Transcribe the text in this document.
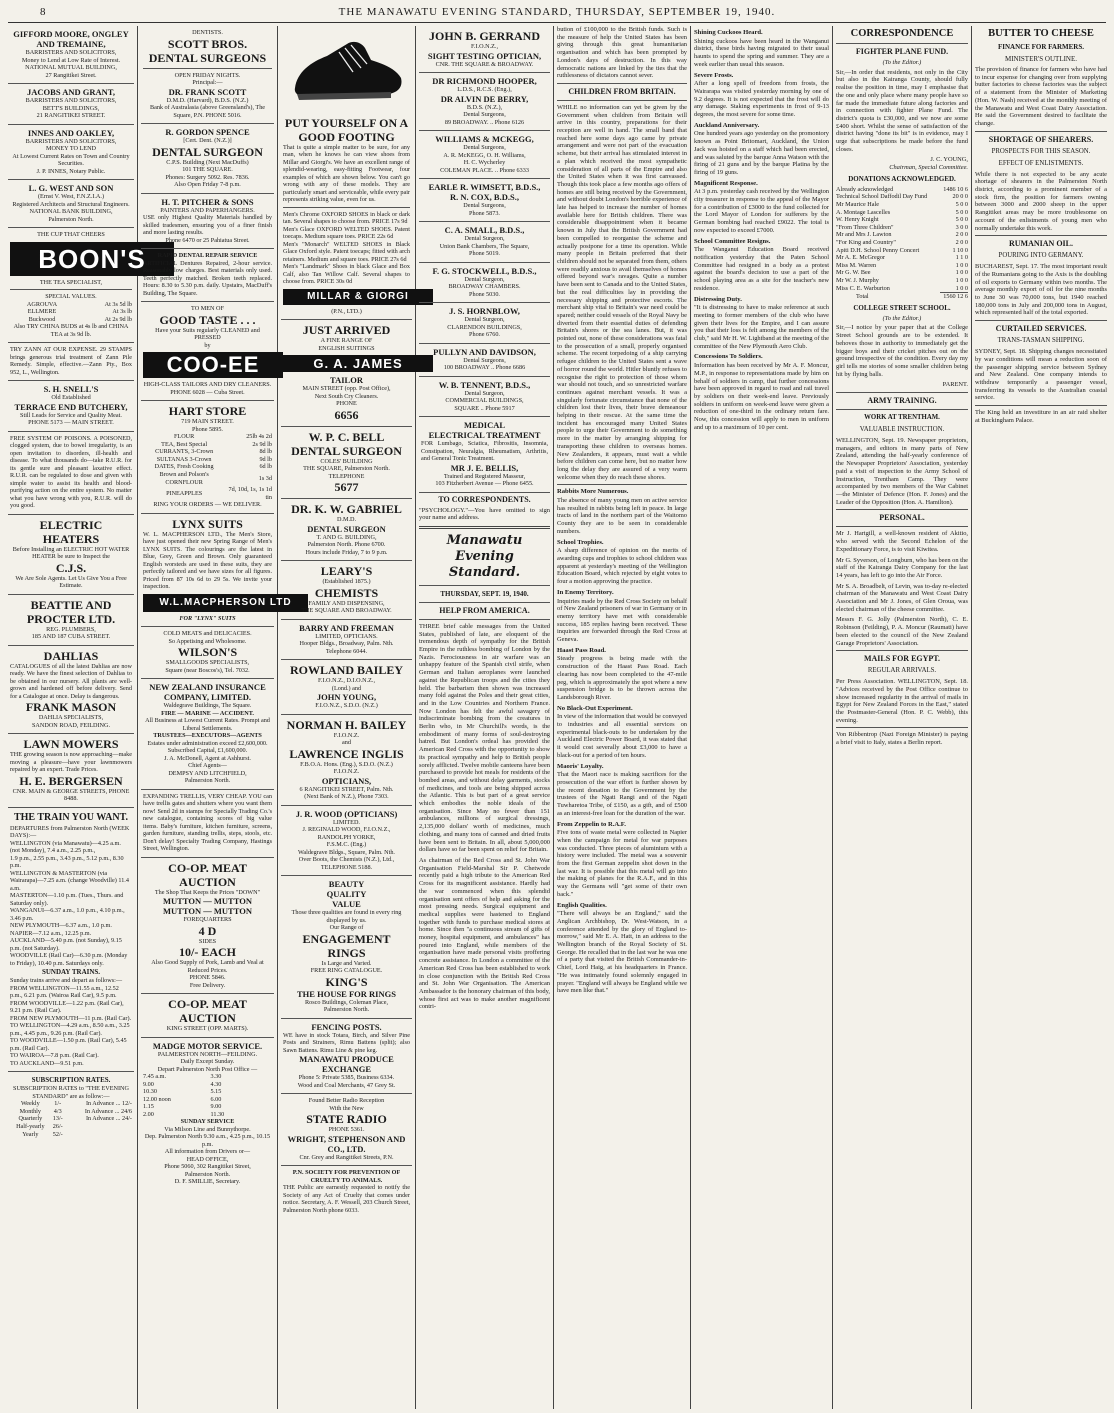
8	THE MANAWATU EVENING STANDARD, THURSDAY, SEPTEMBER 19, 1940.
GIFFORD MOORE, ONGLEY AND TREMAINE,
BARRISTERS AND SOLICITORS,
Money to Lend at Low Rate of Interest.
NATIONAL MUTUAL BUILDING,
27 Rangitikei Street.
JACOBS AND GRANT,
BARRISTERS AND SOLICITORS,
BETT'S BUILDINGS,
21 RANGITIKEI STREET.
INNES AND OAKLEY,
BARRISTERS AND SOLICITORS,
MONEY TO LEND
At Lowest Current Rates on Town and Country Securities.
J. P. INNES, Notary Public.
L. G. WEST AND SON
(Ernst V. West, F.N.Z.I.A.)
Registered Architects and Structural Engineers.
NATIONAL BANK BUILDING,
Palmerston North.
THE CUP THAT CHEERS
BOON'S
THE TEA SPECIALIST,
SPECIAL VALUES.
AGROUVA	At 3s 5d lb
ELLMERE	At 3s lb
Buckwood	At 2s 9d lb
Also TRY CHINA BUDS at 4s lb and CHINA TEA at 3s 9d lb.
TRY ZANN AT OUR EXPENSE. 29 STAMPS brings generous trial treatment of Zann Pile Remedy. Simple, effective.—Zann Pty., Box 952, L., Wellington.
S. H. SNELL'S
Old Established
TERRACE END BUTCHERY,
Still Leads for Service and Quality Meat.
PHONE 5173 — MAIN STREET.
FREE SYSTEM OF POISONS. A POISONED, clogged system, due to bowel irregularity, is an open invitation to disorders, ill-health and disease. To what thousands do—take R.U.R. for its gentle sure and pleasant laxative effect. R.U.R. can be regulated to dose and given with simple water to assist its health and blood-purifying action on the entire system. No matter what you have wrong with you, R.U.R. will do you good.
ELECTRIC HEATERS
Before Installing an ELECTRIC HOT WATER HEATER be sure to Inspect the
C.J.S.
We Are Sole Agents. Let Us Give You a Free Estimate.
BEATTIE AND PROCTER LTD.
REG. PLUMBERS,
185 AND 187 CUBA STREET.
DAHLIAS
CATALOGUES of all the latest Dahlias are now ready. We have the finest selection of Dahlias to be obtained in our nursery. All plants are well-grown and hardened off before delivery. Send for a Catalogue at once. Delay is dangerous.
FRANK MASON
DAHLIA SPECIALISTS,
SANDON ROAD, FEILDING.
LAWN MOWERS
THE growing season is now approaching—make moving a pleasure—have your lawnmowers repaired by an expert. Trade Prices.
H. E. BERGERSEN
CNR. MAIN & GEORGE STREETS, PHONE 8488.
THE TRAIN YOU WANT.
DEPARTURES from Palmerston North (WEEK DAYS):—
WELLINGTON (via Manawatu)—4.25 a.m. (not Monday), 7.4 a.m., 2.25 p.m.,
1.9 p.m., 2.55 p.m., 3.43 p.m., 5.12 p.m., 8.30 p.m.
WELLINGTON & MASTERTON (via Wairarapa)—7.25 a.m. (change Woodville) 11.4 a.m.
MASTERTON—1.10 p.m. (Tues., Thurs. and Saturday only).
WANGANUI—6.37 a.m., 1.0 p.m., 4.10 p.m., 3.46 p.m.
NEW PLYMOUTH—6.37 a.m., 1.0 p.m.
NAPIER—7.12 a.m., 12.25 p.m.
AUCKLAND—5.40 p.m. (not Sunday), 9.15 p.m. (not Saturday).
WOODVILLE (Rail Car)—6.30 p.m. (Monday to Friday), 10.40 p.m. Saturdays only.
SUNDAY TRAINS.
Sunday trains arrive and depart as follows:—
FROM WELLINGTON—11.55 a.m., 12.52 p.m., 6.21 p.m. (Wairoa Rail Car), 9.5 p.m.
FROM WOODVILLE—1.22 p.m. (Rail Car), 9.21 p.m. (Rail Car).
FROM NEW PLYMOUTH—11 p.m. (Rail Car).
TO WELLINGTON—4.29 a.m., 8.50 a.m., 3.25 p.m., 4.45 p.m., 9.26 p.m. (Rail Car).
TO WOODVILLE—1.50 p.m. (Rail Car), 5.45 p.m. (Rail Car).
TO WAIROA—7.8 p.m. (Rail Car).
TO AUCKLAND—9.51 p.m.
SUBSCRIPTION RATES.
SUBSCRIPTION RATES to "THE EVENING STANDARD" are as follow:—
Weekly	1/-	In Advance ... 12/-
Monthly	4/3	In Advance ... 24/6
Quarterly	13/-	In Advance ... 24/-
Half-yearly	26/-	
Yearly	52/-	
DENTISTS.
SCOTT BROS.
DENTAL SURGEONS
OPEN FRIDAY NIGHTS.
Principal:—
DR. FRANK SCOTT
D.M.D. (Harvard), B.D.S. (N.Z.)
Bank of Australasia (above Greensland's), The Square, P.N. PHONE 5016.
R. GORDON SPENCE
[Cert. Dent. (N.Z.)]
DENTAL SURGEON
C.P.S. Building (Next MacDuffs)
101 THE SQUARE.
Phones: Surgery 5092. Res. 7836.
Also Open Friday 7-8 p.m.
H. T. PITCHER & SONS
PAINTERS AND PAPERHANGERS.
USE only Highest Quality Materials handled by skilled tradesmen, ensuring you of a finer finish and more lasting results.
Phone 6470 or 25 Pahiatua Street.
RAPID DENTAL REPAIR SERVICE
ARTIFICIAL Dentures Repaired, 2-hour service. Reasonably low charges. Best materials only used. Teeth perfectly matched. Broken teeth replaced. Hours: 8.30 to 5.30 p.m. daily. Upstairs, MacDuff's Building, The Square.
TO MEN OF
GOOD TASTE . . .
Have your Suits regularly CLEANED and PRESSED
by
COO-EE
HIGH-CLASS TAILORS AND DRY CLEANERS.
PHONE 6028 — Cuba Street.
HART STORE
719 MAIN STREET.
Phone 5895.
FLOUR	25lb 4s 2d
TEA, Best Special	2s 9d lb
CURRANTS, 3-Crown	8d lb
SULTANAS 3-Crown	9d lb
DATES, Fresh Cooking	6d lb
Brown and Polson's CORNFLOUR	1s 3d
PINEAPPLES	7d, 10d, 1s, 1s 1d tin
RING YOUR ORDERS — WE DELIVER.
LYNX SUITS
W. L. MACPHERSON LTD., The Men's Store, have just opened their new Spring Range of Men's LYNX SUITS. The colourings are the latest in Blue, Grey, Green and Brown. Only guaranteed English worsteds are used in these suits, they are perfectly tailored and we have sizes for all figures. Priced from 87 10s 6d to 29 5s. We invite your inspection.
W.L.MACPHERSON LTD
FOR "LYNX" SUITS
COLD MEATS and DELICACIES.
So Appetising and Wholesome.
WILSON'S
SMALLGOODS SPECIALISTS,
Square (near Boscos's), Tel. 7032.
NEW ZEALAND INSURANCE COMPANY, LIMITED.
Waldegrave Buildings, The Square.
FIRE — MARINE — ACCIDENT.
All Business at Lowest Current Rates. Prompt and Liberal Settlements.
TRUSTEES—EXECUTORS—AGENTS
Estates under administration exceed £2,600,000.
Subscribed Capital, £1,600,000.
J. A. McDonell, Agent at Ashhurst.
Chief Agents—
DEMPSY AND LITCHFIELD,
Palmerston North.
EXPANDING TRELLIS, VERY CHEAP. YOU can have trellis gates and shutters where you want them now! Send 2d in stamps for Specially Trading Co.'s new catalogue, containing scores of big value items. Baby's furniture, kitchen furniture, screens, garden furniture, standing trellis, steps, stools, etc. Don't delay! Specialty Trading Company, Hastings Street, Wellington.
CO-OP. MEAT AUCTION
The Shop That Keeps the Prices "DOWN"
MUTTON — MUTTON
MUTTON — MUTTON
FOREQUARTERS
4 D
SIDES
10/- EACH
Also Good Supply of Pork, Lamb and Veal at Reduced Prices.
PHONE 5846.
Free Delivery.
CO-OP. MEAT AUCTION
KING STREET (OPP. MARTS).
MADGE MOTOR SERVICE.
PALMERSTON NORTH—FEILDING.
Daily Except Sunday.
Depart Palmerston North Post Office —
7.45 a.m.
9.00
10.30
12.00 noon
1.15
2.00
3.30
4.30
5.15
6.00
9.00
11.30
SUNDAY SERVICE
Via Milson Line and Bunnythorpe.
Dep. Palmerston North 9.30 a.m., 4.25 p.m., 10.15 p.m.
All information from Drivers or—
HEAD OFFICE,
Phone 5060, 302 Rangitikei Street,
Palmerston North.
D. F. SMILLIE, Secretary.
PUT YOURSELF ON A GOOD FOOTING
That is quite a simple matter to be sure, for any man, when he knows he can view shoes from Millar and Giorgi's. We have an excellent range of splendid-wearing, easy-fitting Footwear, four examples of which are shown below. You can't go wrong with any of these models. They are particularly smart and serviceable, while every pair represents striking value, even for us.
Men's Chrome OXFORD SHOES in black or dark tan. Several shapes to choose from. PRICE 17s 9d
Men's Glace OXFORD WELTED SHOES. Patent toecaps. Medium square toes. PRICE 22s 6d
Men's "Monarch" WELTED SHOES in Black Glace Oxford style. Patent toecaps; fitted with arch retainers. Medium and square toes. PRICE 27s 6d
Men's "Landmark" Shoes in black Glace and Box Calf, also Tan Willow Calf. Several shapes to choose from. PRICE 30s 0d
MILLAR & GIORGI
(P.N., LTD.)
JUST ARRIVED
A FINE RANGE OF
ENGLISH SUITINGS
G. A. JAMES
TAILOR
MAIN STREET (opp. Post Office),
Next South Cry Cleaners.
PHONE
6656
W. P. C. BELL
DENTAL SURGEON
COLES' BUILDING
THE SQUARE, Palmerston North.
TELEPHONE
5677
DR. K. W. GABRIEL
D.M.D.
DENTAL SURGEON
T. AND G. BUILDING,
Palmerston North. Phone 6700.
Hours include Friday, 7 to 9 p.m.
LEARY'S
(Established 1875.)
CHEMISTS
FAMILY AND DISPENSING,
THE SQUARE AND BROADWAY.
BARRY AND FREEMAN
LIMITED, OPTICIANS.
Hooper Bldgs., Broadway, Palm. Nth.
Telephone 6044.
ROWLAND BAILEY
F.I.O.N.Z., D.I.O.N.Z.,
(Lond.) and
JOHN YOUNG,
F.I.O.N.Z., S.D.O. (N.Z.)
NORMAN H. BAILEY
F.I.O.N.Z.
and
LAWRENCE INGLIS
F.B.O.A. Hons. (Eng.), S.D.O. (N.Z.)
F.I.O.N.Z.
OPTICIANS,
6 RANGITIKEI STREET, Palm. Nth.
(Next Bank of N.Z.), Phone 7303.
J. R. WOOD (OPTICIANS)
LIMITED.
J. REGINALD WOOD, F.I.O.N.Z.,
RANDOLPH YORKE,
F.S.M.C. (Eng.)
Waldegrave Bldgs., Square, Palm. Nth.
Over Boots, the Chemists (N.Z.), Ltd.,
TELEPHONE 5188.
BEAUTY
QUALITY
VALUE
Those three qualities are found in every ring displayed by us.
Our Range of
ENGAGEMENT RINGS
Is Large and Varied.
FREE RING CATALOGUE.
KING'S
THE HOUSE FOR RINGS
Rosco Buildings, Coleman Place,
Palmerston North.
FENCING POSTS.
WE have in stock Totara, Birch, and Silver Pine Posts and Strainers, Rimu Battens (split); also Sawn Battens. Rimu Line & pine keg.
MANAWATU PRODUCE EXCHANGE
Phone 5: Private 5385, Business 6334.
Wood and Coal Merchants, 47 Grey St.
Found Better Radio Reception
With the New
STATE RADIO
PHONE 5361.
WRIGHT, STEPHENSON AND CO., LTD.
Cnr. Grey and Rangitikei Streets, P.N.
P.N. SOCIETY FOR PREVENTION OF CRUELTY TO ANIMALS.
THE Public are earnestly requested to notify the Society of any Act of Cruelty that comes under notice. Secretary, A. F. Wessell, 203 Church Street, Palmerston North phone 6033.
JOHN B. GERRAND
F.I.O.N.Z.,
SIGHT TESTING OPTICIAN,
CNR. THE SQUARE & BROADWAY.
DR RICHMOND HOOPER,
L.D.S., R.C.S. (Eng.),
DR ALVIN DE BERRY,
B.D.S. (N.Z.),
Dental Surgeons,
89 BROADWAY. .. Phone 6126
WILLIAMS & MCKEGG,
Dental Surgeons,
A. R. McKEGG, O. H. Williams,
H. C. Wycherley
COLEMAN PLACE. .. Phone 6333
EARLE R. WIMSETT, B.D.S.,
R. N. COX, B.D.S.,
Dental Surgeons,
Phone 5873.
C. A. SMALL, B.D.S.,
Dental Surgeon,
Union Bank Chambers, The Square,
Phone 5019.
F. G. STOCKWELL, B.D.S.,
Dental Surgeon,
BROADWAY CHAMBERS.
Phone 5030.
J. S. HORNBLOW,
Dental Surgeon,
CLARENDON BUILDINGS,
Phone 6760.
PULLYN AND DAVIDSON,
Dental Surgeons,
100 BROADWAY .. Phone 6686
W. B. TENNENT, B.D.S.,
Dental Surgeon,
COMMERCIAL BUILDINGS,
SQUARE .. Phone 5917
MEDICAL
ELECTRICAL TREATMENT
FOR Lumbago, Sciatica, Fibrositis, Insomnia, Constipation, Neuralgia, Rheumatism, Arthritis, and General Tonic Treatment.
MR J. E. BELLIS,
Trained and Registered Masseur,
103 Fitzherbert Avenue — Phone 6455.
TO CORRESPONDENTS.

"PSYCHOLOGY."—You have omitted to sign your name and address.

Manawatu
Evening Standard.
THURSDAY, SEPT. 19, 1940.
HELP FROM AMERICA.

THREE brief cable messages from the United States, published of late, are eloquent of the tremendous depth of sympathy for the British Empire in the ruthless bombing of London by the Nazis. Ferociousness in air warfare was an unhappy feature of the Spanish civil strife, when German and Italian aeroplanes were launched against the Republican troops and the cities they held. The barbarism then shown was increased many fold against the Poles and their great cities, and in the Low Countries and Northern France. Now London has felt the awful savagery of indiscriminate bombing from the creatures in Berlin who, in Mr Churchill's words, is the embodiment of many forms of soul-destroying hatred. But London's ordeal has provided the American Red Cross with the opportunity to show its practical sympathy and help to British people sorely afflicted. Twelve mobile canteens have been purchased to provide hot meals for residents of the bombed areas, and without delay garments, stocks of medicines, and tools are being shipped across the Atlantic. This is but part of a great service which embodies the noble ideals of the organisation. Since May no fewer than 151 ambulances, millions of surgical dressings, 2,135,000 dollars' worth of medicines, much clothing, and many tons of canned and dried fruits have been sent to Britain. In all, about 5,000,000 dollars have so far been spent on relief for Britain.

As chairman of the Red Cross and St. John War Organisation Field-Marshal Sir P. Chetwode recently paid a high tribute to the American Red Cross for its magnificent assistance. Hardly had the war commenced when this splendid organisation sent offers of help and asking for the most pressing needs. Surgical equipment and medical supplies were hastened to England together with funds to purchase medical stores at home. Since then "a continuous stream of gifts of money, hospital equipment, and ambulances" has poured into England, while members of the organisation have made personal visits proffering concrete assistance. In London a committee of the American Red Cross has been established to work in close conjunction with the British Red Cross and St. John War Organisation. The American Ambassador is the honorary chairman of this body, whose first act was to make another magnificent contri-

bution of £100,000 to the British funds. Such is the measure of help the United States has been giving through this great humanitarian organisation and which has been prompted by London's days of destruction. In this way democratic nations are linked by the ties that the ruthlessness of dictators cannot sever.

CHILDREN FROM BRITAIN.

WHILE no information can yet be given by the Government when children from Britain will arrive in this country, preparations for their reception are well in hand. The small band that reached here some days ago came by private arrangement and were not part of the evacuation scheme, but their arrival has stimulated interest in a plan which received the most sympathetic consideration of all parts of the Empire and also the United States when it was first canvassed. Though this took place a few months ago offers of homes are still being received by the Government, and without doubt London's horrible experience of late has helped to increase the number of homes available here for British children. There was considerable disappointment when it became known in July that the British Government had been compelled to reorganise the scheme and actually postpone for a time its operation. While many people in Britain preferred that their children should not be separated from them, others were readily anxious to avail themselves of homes offered beyond war's ravages. Quite a number have been sent to Canada and to the United States, but the real difficulties lay in providing the necessary shipping and protective escorts. The merchant ship vital to Britain's war need could be spared; neither could vessels of the Royal Navy be diverted from their essential duties of defending Britain's shores or the sea lanes. But, it was pointed out, none of these considerations was fatal to the prosecution of a small, properly organised scheme. The recent torpedoing of a ship carrying refugee children to the United States sent a wave of horror round the world. Hitler bluntly refuses to recognise the right to protection of those whom war should not touch, and so unrestricted warfare continues against merchant vessels. It was a singularly fortunate circumstance that none of the children lost their lives, their brave demeanour helping in their rescue. At the same time the incident has encouraged many United States people to urge their Government to do something more in the matter by arranging shipping for transporting these children to overseas homes. New Zealanders, it appears, must wait a while before children can come here, but no matter how long the delay they are assured of a very warm welcome when they do reach these shores.

Rabbits More Numerous.

The absence of many young men on active service has resulted in rabbits being left in peace. In large tracts of land in the northern part of the Waitomo County they are to be seen in considerable numbers.

School Trophies.

A sharp difference of opinion on the merits of awarding cups and trophies to school children was apparent at yesterday's meeting of the Wellington Education Board, which rejected by eight votes to four a motion approving the practice.

In Enemy Territory.

Inquiries made by the Red Cross Society on behalf of New Zealand prisoners of war in Germany or in enemy territory have met with considerable success, 185 replies having been received. These inquiries are forwarded through the Red Cross at Geneva.

Haast Pass Road.

Steady progress is being made with the construction of the Haast Pass Road. Each clearing has now been completed to the 47-mile peg, which is approximately the spot where a new suspension bridge is to be thrown across the Landsborough River.

No Black-Out Experiment.

In view of the information that would be conveyed to industries and all essential services on experimental black-outs to be undertaken by the Auckland Electric Power Board, it was stated that it would cost severally about £3,000 to have a black-out for a period of ten hours.

Maoris' Loyalty.

That the Maori race is making sacrifices for the prosecution of the war effort is further shown by the recent donation to the Government by the trustees of the Ngati Rangi and of the Ngati Tuwharetoa Tribe, of £150, as a gift, and of £500 as an interest-free loan for the duration of the war.

From Zeppelin to R.A.F.

Five tons of waste metal were collected in Napier when the campaign for metal for war purposes was conducted. Three pieces of aluminium with a history were included. The metal was a souvenir from the first German zeppelin shot down in the last war. It is possible that this metal will go into the making of planes for the R.A.F., and in this way the Germans will "get some of their own back."

English Qualities.

"There will always be an England," said the Anglican Archbishop, Dr. West-Watson, in a conference attended by the glory of England to-morrow," said Mr E. A. Hatt, in an address to the Wellington branch of the Royal Society of St. George. He recalled that in the last war he was one of a party that visited the British Commander-in-Chief, Lord Haig, at his headquarters in France. "He was intimately found solemnly engaged in prayer. "England will always be England while we have men like that."

Shining Cuckoos Heard.

Shining cuckoos have been heard in the Wanganui district, these birds having migrated to their usual haunts to spend the spring and summer. They are a week earlier than usual this season.

Severe Frosts.

After a long spell of freedom from frosts, the Wairarapa was visited yesterday morning by one of 9.2 degrees. It is not expected that the frost will do any damage. Staking experiments in frost of 9-13 degrees, the most severe for some time.

Auckland Anniversary.

One hundred years ago yesterday on the promontory known as Point Britomart, Auckland, the Union Jack was hoisted on a staff which had been erected, and was saluted by the barque Anna Watson with the firing of 21 guns and by the barque Platina by the firing of 19 guns.

Magnificent Response.

At 3 p.m. yesterday cash received by the Wellington city treasurer in response to the appeal of the Mayor for a contribution of £3000 to the fund collected for the Lord Mayor of London for sufferers by the German bombing had reached £9022. The total is now expected to exceed £7000.

School Committee Resigns.

The Wanganui Education Board received notification yesterday that the Paten School Committee had resigned in a body as a protest against the board's decision to use a part of the school playing area as a site for the teacher's new residence.

Distressing Duty.

"It is distressing to have to make reference at such meeting to former members of the club who have given their lives for the Empire, and I can assure you that their loss is felt among the members of the club," said Mr H. W. Lightband at the meeting of the committee of the New Plymouth Aero Club.

Concessions To Soldiers.

Information has been received by Mr A. F. Moncur, M.P., in response to representations made by him on behalf of soldiers in camp, that further concessions have been approved in regard to road and rail travel by soldiers on their week-end leave. Previously soldiers in uniform on week-end leave were given a reduction of one-third in the ordinary return fare. Now, this concession will apply to men in uniform and up to a maximum of 10 per cent.

CORRESPONDENCE
FIGHTER PLANE FUND.
(To the Editor.)

Sir,—In order that residents, not only in the City but also in the Kairanga County, should fully realise the position in time, may I emphasise that the one and only place where many people have so far made the immediate future along factories and in connection with fighter Plane Fund. The district's quota is £30,000, and we now are some £400 short. Whilst the sense of satisfaction of the district having "done its bit" is in evidence, may I urge that subscriptions be made before the fund closes.

J. C. YOUNG,
Chairman, Special Committee.
DONATIONS ACKNOWLEDGED.
Already acknowledged	1486 10 6
Technical School Daffodil Day Fund	20 0 0
Mr Maurice Hale	5 0 0
A. Montage Lascelles	5 0 0
W. Henry Knight	5 0 0
"From Three Children"	3 0 0
Mr and Mrs J. Lawton	2 0 0
"For King and Country"	2 0 0
Apiti D.H. School Penny Concert	1 10 0
Mr A. E. McGregor	1 1 0
Miss M. Warren	1 0 0
Mr G. W. Bee	1 0 0
Mr W. J. Murphy	1 0 0
Miss C. E. Warburton	1 0 0
Total	1560 12 6
COLLEGE STREET SCHOOL.
(To the Editor.)

Sir,—I notice by your paper that at the College Street School grounds are to be extended. It behoves those in authority to immediately get the bigger boys and their cricket pitches out on the ground irrespective of the condition. Every day my girl tells me stories of some smaller children being hit by flying balls.

PARENT.
ARMY TRAINING.
WORK AT TRENTHAM.
VALUABLE INSTRUCTION.

WELLINGTON, Sept. 19. Newspaper proprietors, managers, and editors in many parts of New Zealand, attending the half-yearly conference of the Newspaper Proprietors' Association, yesterday paid a visit of inspection to the Army School of Instruction, Trentham Camp. They were accompanied by two members of the War Cabinet—the Minister of Defence (Hon. F. Jones) and the Leader of the Opposition (Hon. A. Hamilton).

PERSONAL.

Mr J. Hartgill, a well-known resident of Akitio, who served with the Second Echelon of the Expeditionary Force, is to visit Kiwitea.

Mr G. Syverson, of Longburn, who has been on the staff of the Kairanga Dairy Company for the last 14 years, has left to go into the Air Force.

Mr S. A. Broadbelt, of Levin, was to-day re-elected chairman of the Manawatu and West Coast Dairy Association and Mr J. Jones, of Glen Oroua, was elected chairman of the cheese committee.

Messrs F. G. Jolly (Palmerston North), C. E. Robinson (Feilding), P. A. Moncur (Raumati) have been elected to the council of the New Zealand Garage Proprietors' Association.

MAILS FOR EGYPT.
REGULAR ARRIVALS.

Per Press Association. WELLINGTON, Sept. 18. "Advices received by the Post Office continue to show increased regularity in the arrival of mails in Egypt for New Zealand Forces in the East," stated the Postmaster-General (Hon. P. C. Webb), this evening.

Von Ribbentrop (Nazi Foreign Minister) is paying a brief visit to Italy, states a Berlin report.

BUTTER TO CHEESE
FINANCE FOR FARMERS.
MINISTER'S OUTLINE.

The provision of finance for farmers who have had to incur expense for changing over from supplying butter factories to cheese factories was the subject of a statement from the Minister of Marketing (Hon. W. Nash) received at the monthly meeting of the Manawatu and West Coast Dairy Association. He said the Government desired to facilitate the change.

SHORTAGE OF SHEARERS.
PROSPECTS FOR THIS SEASON.
EFFECT OF ENLISTMENTS.

While there is not expected to be any acute shortage of shearers in the Palmerston North district, according to a prominent member of a stock firm, the position for farmers owning between 3000 and 2000 sheep in the upper Rangitikei areas may be more troublesome on account of the enlistments of young men who normally undertake this work.

RUMANIAN OIL.
POURING INTO GERMANY.

BUCHAREST, Sept. 17. The most important result of the Rumanians going to the Axis is the doubling of oil exports to Germany within two months. The average monthly export of oil for the nine months to June 30 was 70,000 tons, but 1940 reached 180,000 tons in July and 200,000 tons in August, which represented half of the total exported.

CURTAILED SERVICES.
TRANS-TASMAN SHIPPING.

SYDNEY, Sept. 18. Shipping changes necessitated by war conditions will mean a reduction soon of the passenger shipping service between Sydney and New Zealand. One company intends to withdraw temporarily a passenger vessel, transferring its vessels to the Australian coastal service.

The King held an investiture in an air raid shelter at Buckingham Palace.
